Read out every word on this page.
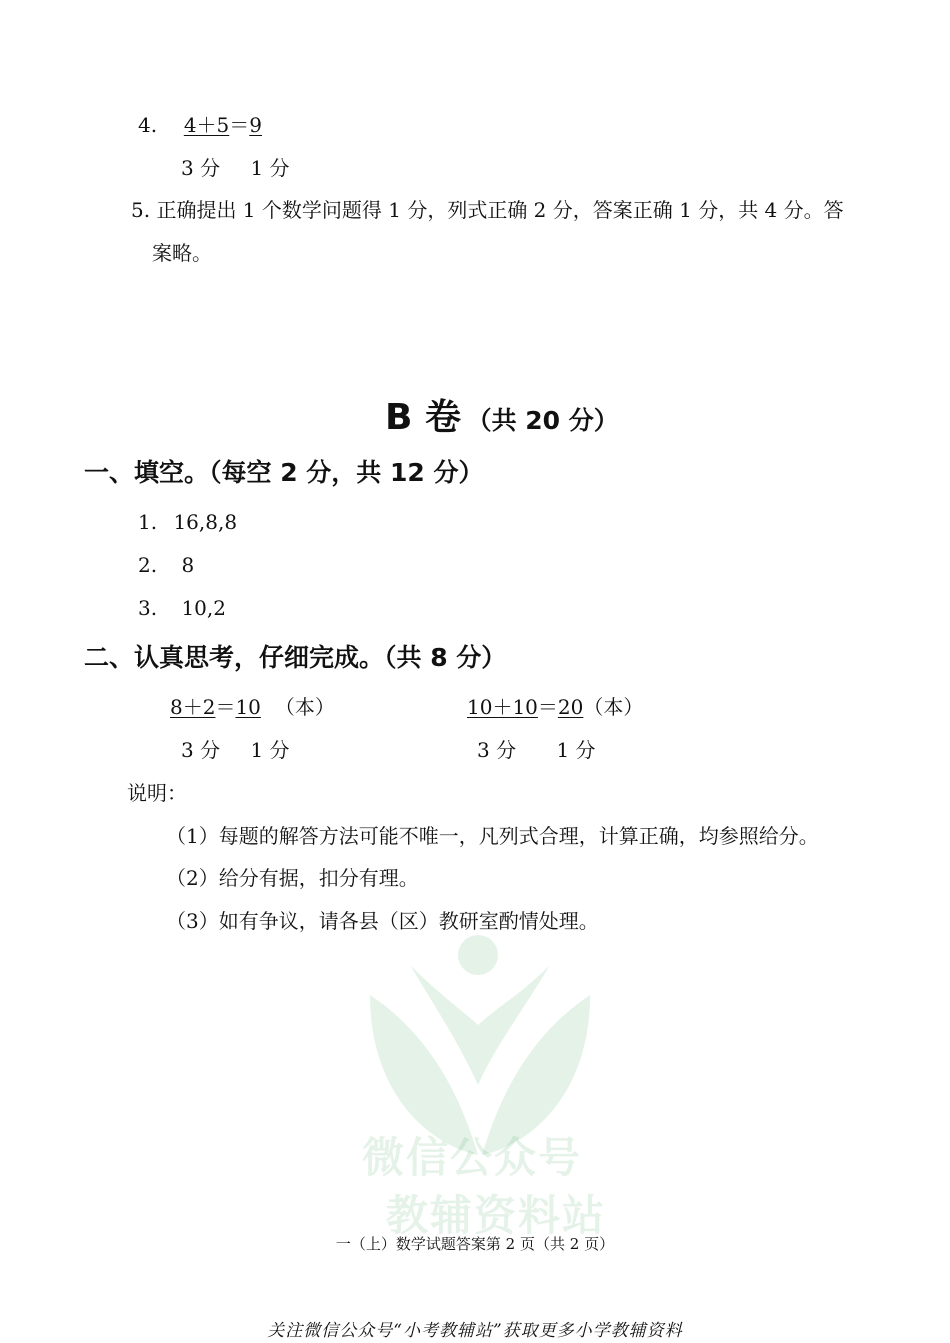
微信公众号
教辅资料站
4. 4＋5＝9
3 分 1 分
5. 正确提出 1 个数学问题得 1 分，列式正确 2 分，答案正确 1 分，共 4 分。答
案略。
B 卷 （共 20 分）
一、填空。（每空 2 分，共 12 分）
1. 16,8,8
2. 8
3. 10,2
二、认真思考，仔细完成。（共 8 分）
8＋2＝10 （本）	10＋10＝20（本）
3 分 1 分	3 分 1 分
说明：
（1）每题的解答方法可能不唯一，凡列式合理，计算正确，均参照给分。
（2）给分有据，扣分有理。
（3）如有争议，请各县（区）教研室酌情处理。
一（上）数学试题答案第 2 页（共 2 页）
关注微信公众号“小考教辅站”获取更多小学教辅资料
